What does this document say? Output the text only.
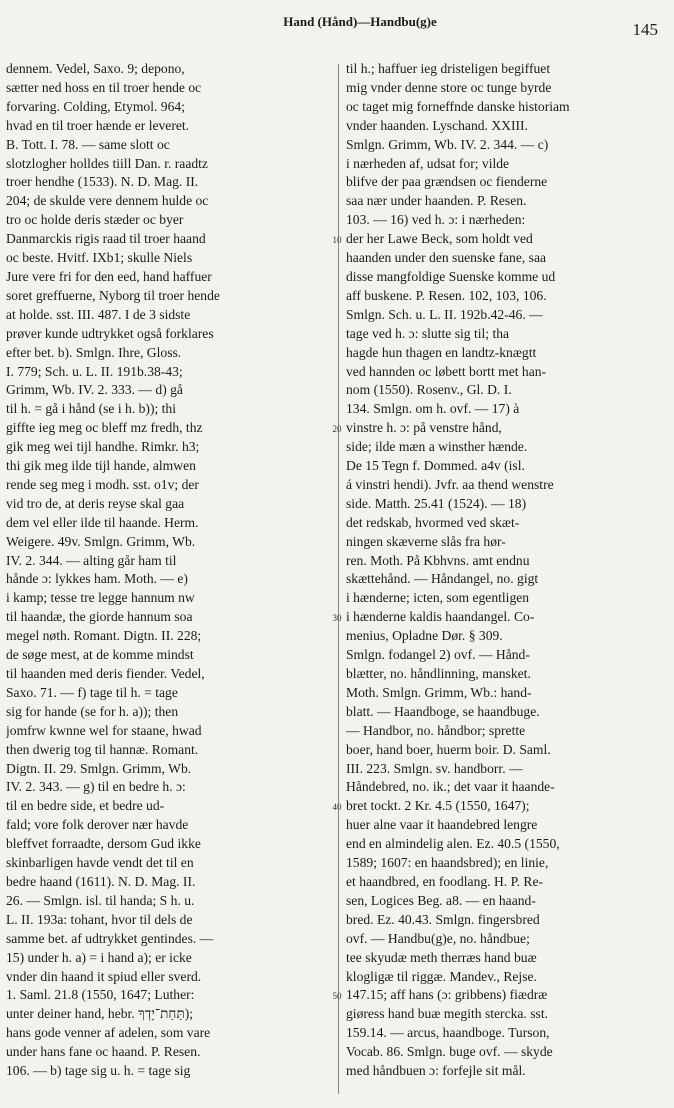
Hand (Hånd)—Handbu(g)e	145
dennem. Vedel, Saxo. 9; depono,
sætter ned hoss en til troer hende oc
forvaring. Colding, Etymol. 964;
hvad en til troer hænde er leveret.
B. Tott. I. 78. — same slott oc
slotzlogher holldes tiill Dan. r. raadtz
troer hendhe (1533). N. D. Mag. II.
204; de skulde vere dennem hulde oc
tro oc holde deris stæder oc byer
Danmarckis rigis raad til troer haand
oc beste. Hvitf. IXb1; skulle Niels
Jure vere fri for den eed, hand haffuer
soret greffuerne, Nyborg til troer hende
at holde. sst. III. 487. I de 3 sidste
prøver kunde udtrykket også forklares
efter bet. b). Smlgn. Ihre, Gloss.
I. 779; Sch. u. L. II. 191b.38-43;
Grimm, Wb. IV. 2. 333. — d) gå
til h. = gå i hånd (se i h. b)); thi
giffte ieg meg oc bleff mz fredh, thz
gik meg wei tijl handhe. Rimkr. h3;
thi gik meg ilde tijl hande, almwen
rende seg meg i modh. sst. o1v; der
vid tro de, at deris reyse skal gaa
dem vel eller ilde til haande. Herm.
Weigere. 49v. Smlgn. Grimm, Wb.
IV. 2. 344. — alting går ham til
hånde ɔ: lykkes ham. Moth. — e)
i kamp; tesse tre legge hannum nw
til haandæ, the giorde hannum soa
megel nøth. Romant. Digtn. II. 228;
de søge mest, at de komme mindst
til haanden med deris fiender. Vedel,
Saxo. 71. — f) tage til h. = tage
sig for hande (se for h. a)); then
jomfrw kwnne wel for staane, hwad
then dwerig tog til hannæ. Romant.
Digtn. II. 29. Smlgn. Grimm, Wb.
IV. 2. 343. — g) til en bedre h. ɔ:
til en bedre side, et bedre ud-
fald; vore folk derover nær havde
bleffvet forraadte, dersom Gud ikke
skinbarligen havde vendt det til en
bedre haand (1611). N. D. Mag. II.
26. — Smlgn. isl. til handa; S h. u.
L. II. 193a: tohant, hvor til dels de
samme bet. af udtrykket gentindes. —
15) under h. a) = i hand a); er icke
vnder din haand it spiud eller sverd.
1. Saml. 21.8 (1550, 1647; Luther:
unter deiner hand, hebr. תַּחַת־יָדְךָ);
hans gode venner af adelen, som vare
under hans fane oc haand. P. Resen.
106. — b) tage sig u. h. = tage sig
10
20
30
40
50
til h.; haffuer ieg dristeligen begiffuet
mig vnder denne store oc tunge byrde
oc taget mig forneffnde danske historiam
vnder haanden. Lyschand. XXIII.
Smlgn. Grimm, Wb. IV. 2. 344. — c)
i nærheden af, udsat for; vilde
blifve der paa grændsen oc fienderne
saa nær under haanden. P. Resen.
103. — 16) ved h. ɔ: i nærheden:
der her Lawe Beck, som holdt ved
haanden under den suenske fane, saa
disse mangfoldige Suenske komme ud
aff buskene. P. Resen. 102, 103, 106.
Smlgn. Sch. u. L. II. 192b.42-46. —
tage ved h. ɔ: slutte sig til; tha
hagde hun thagen en landtz-knægtt
ved hannden oc løbett bortt met han-
nom (1550). Rosenv., Gl. D. I.
134. Smlgn. om h. ovf. — 17) à
vinstre h. ɔ: på venstre hånd,
side; ilde mæn a winsther hænde.
De 15 Tegn f. Dommed. a4v (isl.
á vinstri hendi). Jvfr. aa thend wenstre
side. Matth. 25.41 (1524). — 18)
det redskab, hvormed ved skæt-
ningen skæverne slås fra hør-
ren. Moth. På Kbhvns. amt endnu
skættehånd. — Håndangel, no. gigt
i hænderne; icten, som egentligen
i hænderne kaldis haandangel. Co-
menius, Opladne Dør. § 309.
Smlgn. fodangel 2) ovf. — Hånd-
blætter, no. håndlinning, mansket.
Moth. Smlgn. Grimm, Wb.: hand-
blatt. — Haandboge, se haandbuge.
— Handbor, no. håndbor; sprette
boer, hand boer, huerm boir. D. Saml.
III. 223. Smlgn. sv. handborr. —
Håndebred, no. ik.; det vaar it haande-
bret tockt. 2 Kr. 4.5 (1550, 1647);
huer alne vaar it haandebred lengre
end en almindelig alen. Ez. 40.5 (1550,
1589; 1607: en haandsbred); en linie,
et haandbred, en foodlang. H. P. Re-
sen, Logices Beg. a8. — en haand-
bred. Ez. 40.43. Smlgn. fingersbred
ovf. — Handbu(g)e, no. håndbue;
tee skyudæ meth therræs hand buæ
klogligæ til riggæ. Mandev., Rejse.
147.15; aff hans (ɔ: gribbens) fiædræ
giøress hand buæ megith stercka. sst.
159.14. — arcus, haandboge. Turson,
Vocab. 86. Smlgn. buge ovf. — skyde
med håndbuen ɔ: forfejle sit mål.
